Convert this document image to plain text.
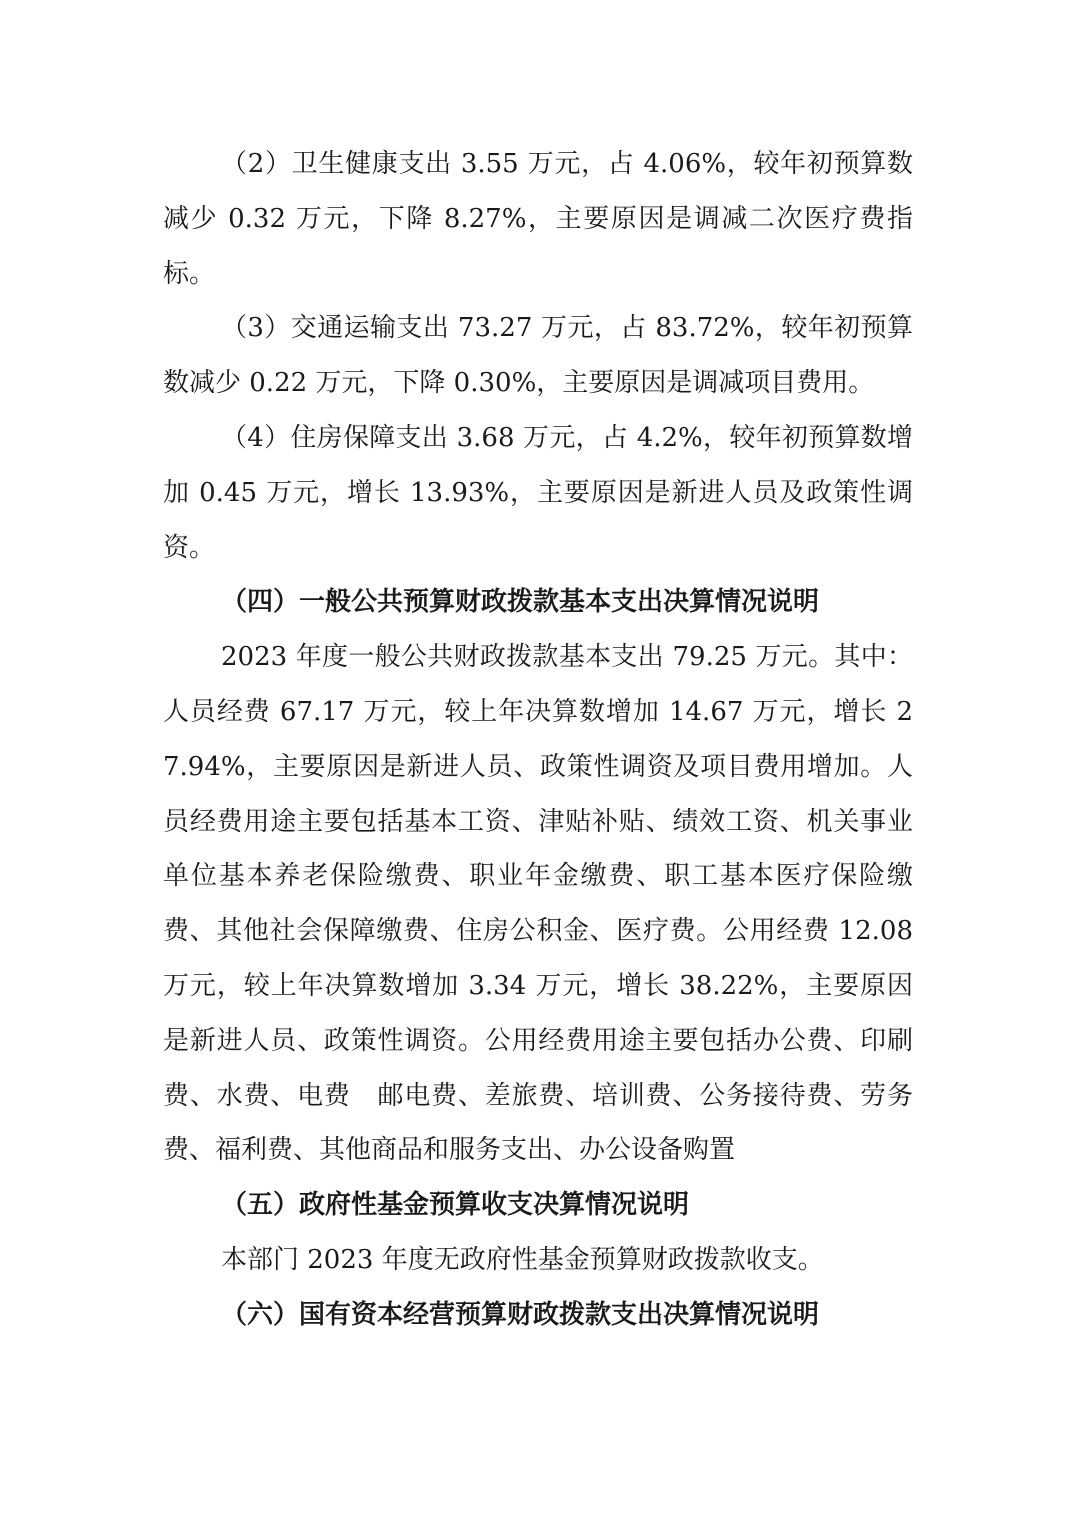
（2）卫生健康支出 3.55 万元，占 4.06%，较年初预算数减少 0.32 万元，下降 8.27%，主要原因是调减二次医疗费指标。

（3）交通运输支出 73.27 万元，占 83.72%，较年初预算数减少 0.22 万元，下降 0.30%，主要原因是调减项目费用。

（4）住房保障支出 3.68 万元，占 4.2%，较年初预算数增加 0.45 万元，增长 13.93%，主要原因是新进人员及政策性调资。

（四）一般公共预算财政拨款基本支出决算情况说明

2023 年度一般公共财政拨款基本支出 79.25 万元。其中：人员经费 67.17 万元，较上年决算数增加 14.67 万元，增长 27.94%，主要原因是新进人员、政策性调资及项目费用增加。人员经费用途主要包括基本工资、津贴补贴、绩效工资、机关事业单位基本养老保险缴费、职业年金缴费、职工基本医疗保险缴费、其他社会保障缴费、住房公积金、医疗费。公用经费 12.08 万元，较上年决算数增加 3.34 万元，增长 38.22%，主要原因是新进人员、政策性调资。公用经费用途主要包括办公费、印刷费、水费、电费　邮电费、差旅费、培训费、公务接待费、劳务费、福利费、其他商品和服务支出、办公设备购置

（五）政府性基金预算收支决算情况说明

本部门 2023 年度无政府性基金预算财政拨款收支。

（六）国有资本经营预算财政拨款支出决算情况说明
